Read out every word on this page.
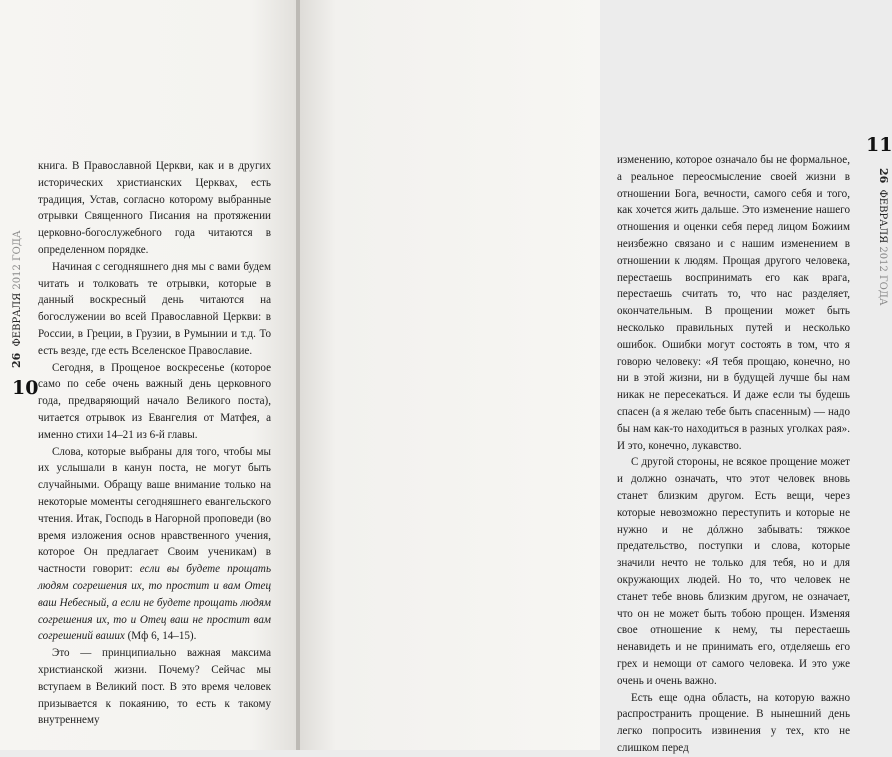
26 ФЕВРАЛЯ 2012 ГОДА

книга. В Православной Церкви, как и в других исторических христианских Церквах, есть традиция, Устав, согласно которому выбранные отрывки Священного Писания на протяжении церковно-богослужебного года читаются в определенном порядке.

Начиная с сегодняшнего дня мы с вами будем читать и толковать те отрывки, которые в данный воскресный день читаются на богослужении во всей Православной Церкви: в России, в Греции, в Грузии, в Румынии и т.д. То есть везде, где есть Вселенское Православие.

Сегодня, в Прощеное воскресенье (которое само по себе очень важный день церковного года, предваряющий начало Великого поста), читается отрывок из Евангелия от Матфея, а именно стихи 14–21 из 6-й главы.

Слова, которые выбраны для того, чтобы мы их услышали в канун поста, не могут быть случайными. Обращу ваше внимание только на некоторые моменты сегодняшнего евангельского чтения. Итак, Господь в Нагорной проповеди (во время изложения основ нравственного учения, которое Он предлагает Своим ученикам) в частности говорит: если вы будете прощать людям согрешения их, то простит и вам Отец ваш Небесный, а если не будете прощать людям согрешения их, то и Отец ваш не простит вам согрешений ваших (Мф 6, 14–15).

Это — принципиально важная максима христианской жизни. Почему? Сейчас мы вступаем в Великий пост. В это время человек призывается к покаянию, то есть к такому внутреннему

10
11
26 ФЕВРАЛЯ 2012 ГОДА

изменению, которое означало бы не формальное, а реальное переосмысление своей жизни в отношении Бога, вечности, самого себя и того, как хочется жить дальше. Это изменение нашего отношения и оценки себя перед лицом Божиим неизбежно связано и с нашим изменением в отношении к людям. Прощая другого человека, перестаешь воспринимать его как врага, перестаешь считать то, что нас разделяет, окончательным. В прощении может быть несколько правильных путей и несколько ошибок. Ошибки могут состоять в том, что я говорю человеку: «Я тебя прощаю, конечно, но ни в этой жизни, ни в будущей лучше бы нам никак не пересекаться. И даже если ты будешь спасен (а я желаю тебе быть спасенным) — надо бы нам как-то находиться в разных уголках рая». И это, конечно, лукавство.

С другой стороны, не всякое прощение может и должно означать, что этот человек вновь станет близким другом. Есть вещи, через которые невозможно переступить и которые не нужно и не дóлжно забывать: тяжкое предательство, поступки и слова, которые значили нечто не только для тебя, но и для окружающих людей. Но то, что человек не станет тебе вновь близким другом, не означает, что он не может быть тобою прощен. Изменяя свое отношение к нему, ты перестаешь ненавидеть и не принимать его, отделяешь его грех и немощи от самого человека. И это уже очень и очень важно.

Есть еще одна область, на которую важно распространить прощение. В нынешний день легко попросить извинения у тех, кто не слишком перед
